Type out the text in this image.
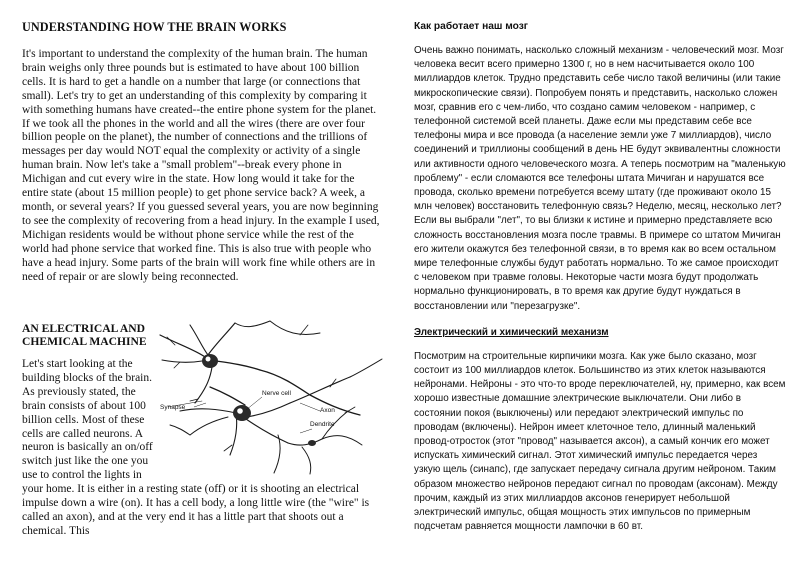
UNDERSTANDING HOW THE BRAIN WORKS

It's important to understand the complexity of the human brain. The human brain weighs only three pounds but is estimated to have about 100 billion cells. It is hard to get a handle on a number that large (or connections that small). Let's try to get an understanding of this complexity by comparing it with something humans have created--the entire phone system for the planet. If we took all the phones in the world and all the wires (there are over four billion people on the planet), the number of connections and the trillions of messages per day would NOT equal the complexity or activity of a single human brain. Now let's take a "small problem"--break every phone in Michigan and cut every wire in the state. How long would it take for the entire state (about 15 million people) to get phone service back? A week, a month, or several years? If you guessed several years, you are now beginning to see the complexity of recovering from a head injury. In the example I used, Michigan residents would be without phone service while the rest of the world had phone service that worked fine. This is also true with people who have a head injury. Some parts of the brain will work fine while others are in need of repair or are slowly being reconnected.

AN ELECTRICAL AND CHEMICAL MACHINE
Let's start looking at the building blocks of the brain. As previously stated, the brain consists of about 100 billion cells. Most of these cells are called neurons. A neuron is basically an on/off switch just like the one you use to control the lights in your home. It is either in a resting state (off) or it is shooting an electrical impulse down a wire (on). It has a cell body, a long little wire (the "wire" is called an axon), and at the very end it has a little part that shoots out a chemical. This
Synapse
Nerve cell
Axon
Dendrite
Как работает наш мозг

Очень важно понимать, насколько сложный механизм - человеческий мозг. Мозг человека весит всего примерно 1300 г, но в нем насчитывается около 100 миллиардов клеток. Трудно представить себе число такой величины (или такие микроскопические связи). Попробуем понять и представить, насколько сложен мозг, сравнив его с чем-либо, что создано самим человеком - например, с телефонной системой всей планеты. Даже если мы представим себе все телефоны мира и все провода (а население земли уже 7 миллиардов), число соединений и триллионы сообщений в день НЕ будут эквивалентны сложности или активности одного человеческого мозга. А теперь посмотрим на "маленькую проблему" - если сломаются все телефоны штата Мичиган и нарушатся все провода, сколько времени потребуется всему штату (где проживают около 15 млн человек) восстановить телефонную связь? Неделю, месяц, несколько лет? Если вы выбрали "лет", то вы близки к истине и примерно представляете всю сложность восстановления мозга после травмы. В примере со штатом Мичиган его жители окажутся без телефонной связи, в то время как во всем остальном мире телефонные службы будут работать нормально. То же самое происходит с человеком при травме головы. Некоторые части мозга будут продолжать нормально функционировать, в то время как другие будут нуждаться в восстановлении или "перезагрузке".

Электрический и химический механизм

Посмотрим на строительные кирпичики мозга. Как уже было сказано, мозг состоит из 100 миллиардов клеток. Большинство из этих клеток называются нейронами. Нейроны - это что-то вроде переключателей, ну, примерно, как всем хорошо известные домашние электрические выключатели. Они либо в состоянии покоя (выключены) или передают электрический импульс по проводам (включены). Нейрон имеет клеточное тело, длинный маленький провод-отросток (этот "провод" называется аксон), а самый кончик его может испускать химический сигнал. Этот химический импульс передается через узкую щель (синапс), где запускает передачу сигнала другим нейроном. Таким образом множество нейронов передают сигнал по проводам (аксонам). Между прочим, каждый из этих миллиардов аксонов генерирует небольшой электрический импульс, общая мощность этих импульсов по примерным подсчетам равняется мощности лампочки в 60 вт.
